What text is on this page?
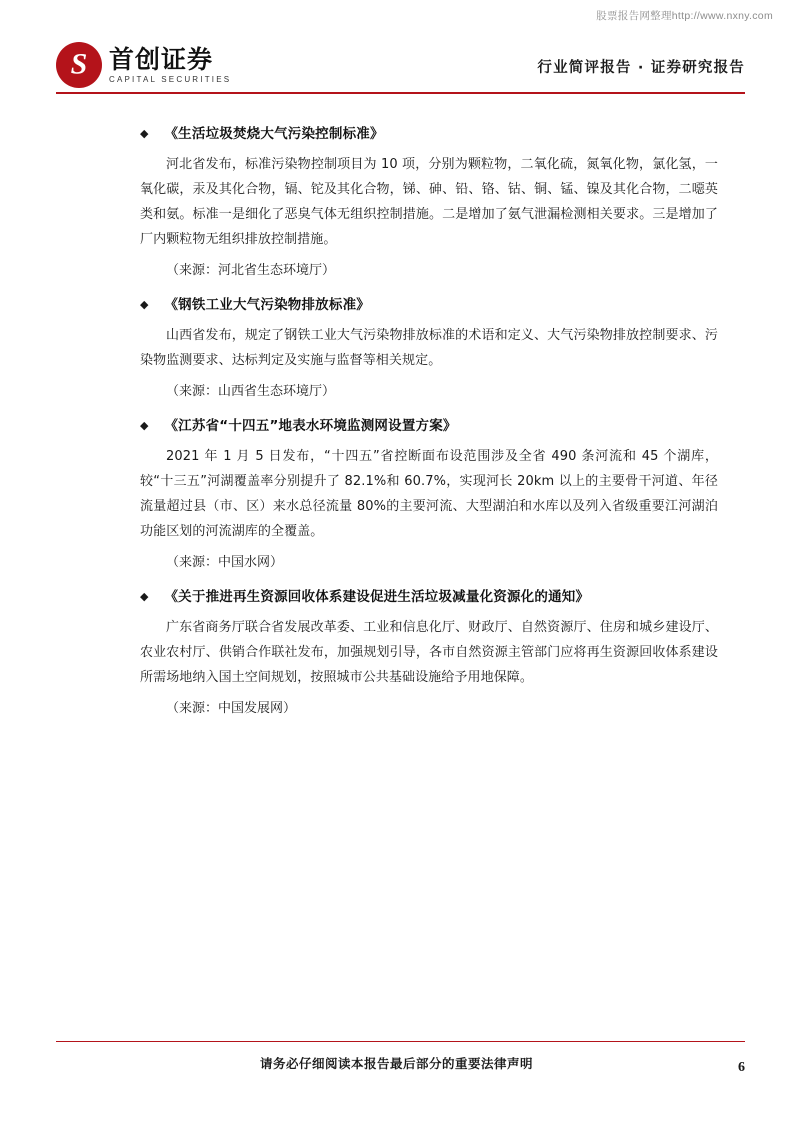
股票报告网整理http://www.nxny.com
S
首创证券
CAPITAL SECURITIES
行业简评报告 · 证券研究报告
◆ 《生活垃圾焚烧大气污染控制标准》

河北省发布，标准污染物控制项目为 10 项，分别为颗粒物，二氧化硫，氮氧化物，氯化氢，一氧化碳，汞及其化合物，镉、铊及其化合物，锑、砷、铅、铬、钴、铜、锰、镍及其化合物，二噁英类和氨。标准一是细化了恶臭气体无组织控制措施。二是增加了氨气泄漏检测相关要求。三是增加了厂内颗粒物无组织排放控制措施。

（来源：河北省生态环境厅）

◆ 《钢铁工业大气污染物排放标准》

山西省发布，规定了钢铁工业大气污染物排放标准的术语和定义、大气污染物排放控制要求、污染物监测要求、达标判定及实施与监督等相关规定。

（来源：山西省生态环境厅）

◆ 《江苏省“十四五”地表水环境监测网设置方案》

2021 年 1 月 5 日发布，“十四五”省控断面布设范围涉及全省 490 条河流和 45 个湖库，较“十三五”河湖覆盖率分别提升了 82.1%和 60.7%，实现河长 20km 以上的主要骨干河道、年径流量超过县（市、区）来水总径流量 80%的主要河流、大型湖泊和水库以及列入省级重要江河湖泊功能区划的河流湖库的全覆盖。

（来源：中国水网）

◆ 《关于推进再生资源回收体系建设促进生活垃圾减量化资源化的通知》

广东省商务厅联合省发展改革委、工业和信息化厅、财政厅、自然资源厅、住房和城乡建设厅、农业农村厅、供销合作联社发布，加强规划引导，各市自然资源主管部门应将再生资源回收体系建设所需场地纳入国土空间规划，按照城市公共基础设施给予用地保障。

（来源：中国发展网）

请务必仔细阅读本报告最后部分的重要法律声明	6
